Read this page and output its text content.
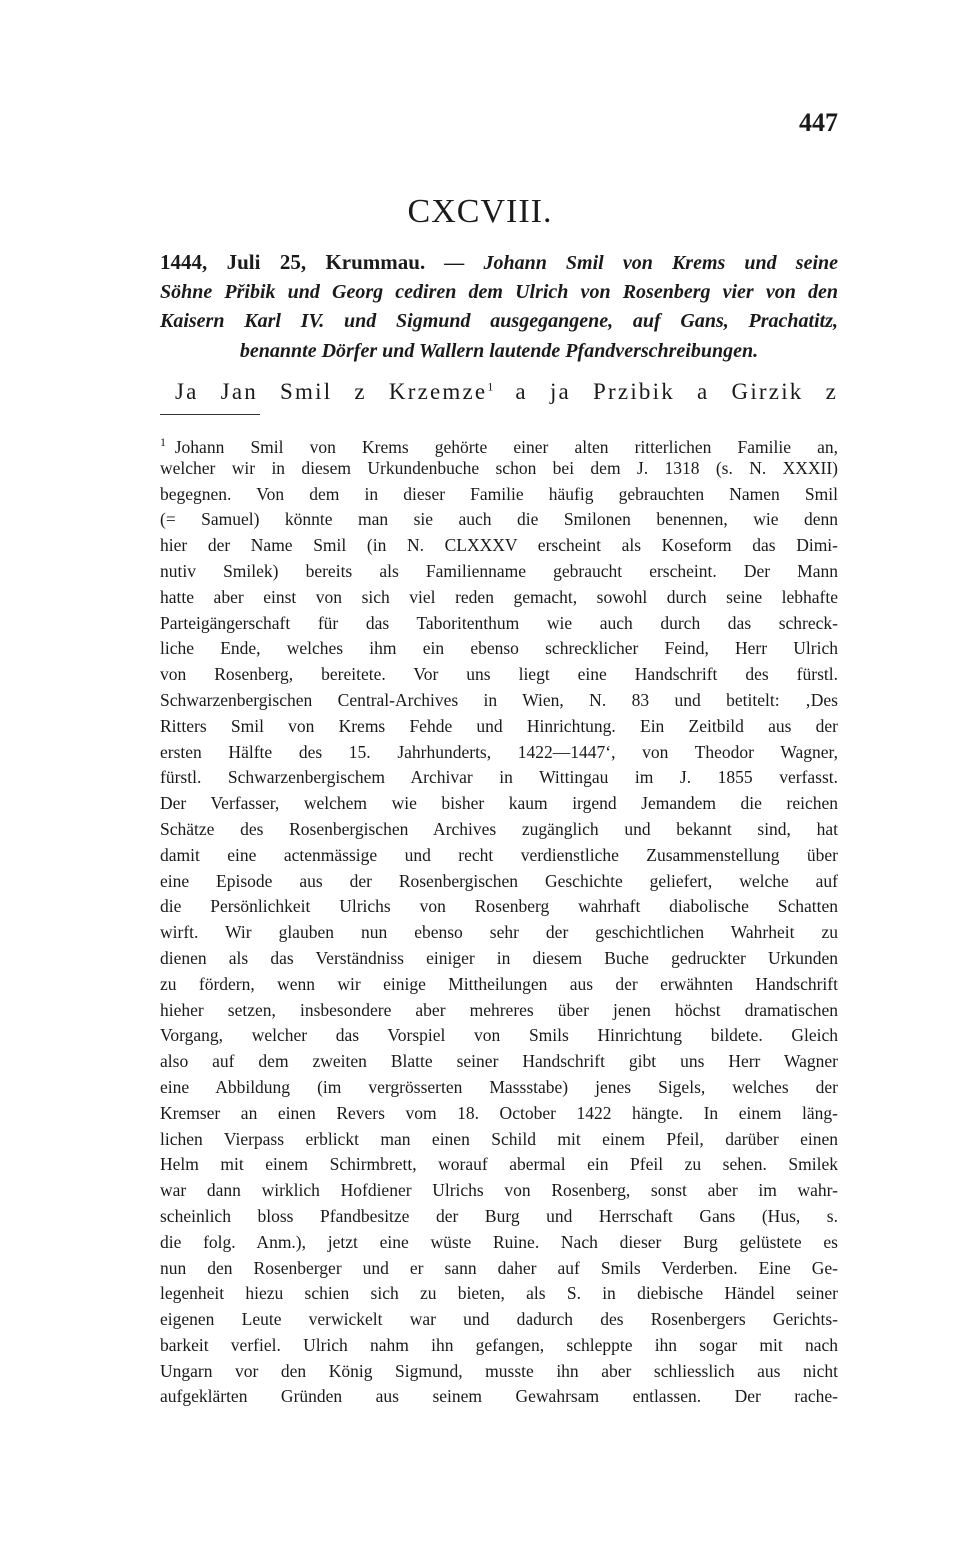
447
CXCVIII.
1444, Juli 25, Krummau. — Johann Smil von Krems und seine
Söhne Přibik und Georg cediren dem Ulrich von Rosenberg vier von den
Kaisern Karl IV. und Sigmund ausgegangene, auf Gans, Prachatitz,
benannte Dörfer und Wallern lautende Pfandverschreibungen.
Ja Jan Smil z Krzemze$^1$ a ja Przibik a Girzik z
$^1$  Johann Smil von Krems gehörte einer alten ritterlichen Familie an,
welcher wir in diesem Urkundenbuche schon bei dem J. 1318 (s. N. XXXII)
begegnen. Von dem in dieser Familie häufig gebrauchten Namen Smil
(= Samuel) könnte man sie auch die Smilonen benennen, wie denn
hier der Name Smil (in N. CLXXXV erscheint als Koseform das Dimi-
nutiv Smilek) bereits als Familienname gebraucht erscheint. Der Mann
hatte aber einst von sich viel reden gemacht, sowohl durch seine lebhafte
Parteigängerschaft für das Taboritenthum wie auch durch das schreck-
liche Ende, welches ihm ein ebenso schrecklicher Feind, Herr Ulrich
von Rosenberg, bereitete. Vor uns liegt eine Handschrift des fürstl.
Schwarzenbergischen Central-Archives in Wien, N. 83 und betitelt: ‚Des
Ritters Smil von Krems Fehde und Hinrichtung. Ein Zeitbild aus der
ersten Hälfte des 15. Jahrhunderts, 1422—1447‘, von Theodor Wagner,
fürstl. Schwarzenbergischem Archivar in Wittingau im J. 1855 verfasst.
Der Verfasser, welchem wie bisher kaum irgend Jemandem die reichen
Schätze des Rosenbergischen Archives zugänglich und bekannt sind, hat
damit eine actenmässige und recht verdienstliche Zusammenstellung über
eine Episode aus der Rosenbergischen Geschichte geliefert, welche auf
die Persönlichkeit Ulrichs von Rosenberg wahrhaft diabolische Schatten
wirft. Wir glauben nun ebenso sehr der geschichtlichen Wahrheit zu
dienen als das Verständniss einiger in diesem Buche gedruckter Urkunden
zu fördern, wenn wir einige Mittheilungen aus der erwähnten Handschrift
hieher setzen, insbesondere aber mehreres über jenen höchst dramatischen
Vorgang, welcher das Vorspiel von Smils Hinrichtung bildete. Gleich
also auf dem zweiten Blatte seiner Handschrift gibt uns Herr Wagner
eine Abbildung (im vergrösserten Massstabe) jenes Sigels, welches der
Kremser an einen Revers vom 18. October 1422 hängte. In einem läng-
lichen Vierpass erblickt man einen Schild mit einem Pfeil, darüber einen
Helm mit einem Schirmbrett, worauf abermal ein Pfeil zu sehen. Smilek
war dann wirklich Hofdiener Ulrichs von Rosenberg, sonst aber im wahr-
scheinlich bloss Pfandbesitze der Burg und Herrschaft Gans (Hus, s.
die folg. Anm.), jetzt eine wüste Ruine. Nach dieser Burg gelüstete es
nun den Rosenberger und er sann daher auf Smils Verderben. Eine Ge-
legenheit hiezu schien sich zu bieten, als S. in diebische Händel seiner
eigenen Leute verwickelt war und dadurch des Rosenbergers Gerichts-
barkeit verfiel. Ulrich nahm ihn gefangen, schleppte ihn sogar mit nach
Ungarn vor den König Sigmund, musste ihn aber schliesslich aus nicht
aufgeklärten Gründen aus seinem Gewahrsam entlassen. Der rache-
